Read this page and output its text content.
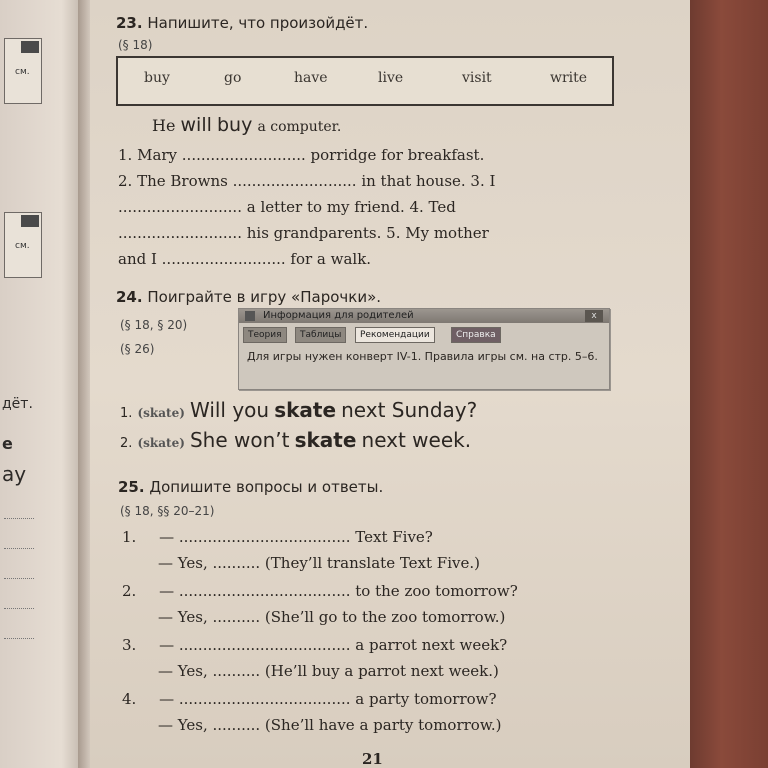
см.
см.
дёт.
e
ay
23. Напишите, что произойдёт.
(§ 18)
buy	go	have	live	visit	write
He will buy a computer.
1. Mary .......................... porridge for breakfast.
2. The Browns .......................... in that house. 3. I
.......................... a letter to my friend. 4. Ted
.......................... his grandparents. 5. My mother
and I .......................... for a walk.
24. Поиграйте в игру «Парочки».
(§ 18, § 20)
(§ 26)
Информация для родителей	x
Теория	Таблицы	Рекомендации	Справка
Для игры нужен конверт IV-1. Правила игры см. на стр. 5–6.
1. (skate) Will you skate next Sunday?
2. (skate) She won’t skate next week.
25. Допишите вопросы и ответы.
(§ 18, §§ 20–21)
1. — .................................... Text Five?
— Yes, .......... (They’ll translate Text Five.)
2. — .................................... to the zoo tomorrow?
— Yes, .......... (She’ll go to the zoo tomorrow.)
3. — .................................... a parrot next week?
— Yes, .......... (He’ll buy a parrot next week.)
4. — .................................... a party tomorrow?
— Yes, .......... (She’ll have a party tomorrow.)
21
